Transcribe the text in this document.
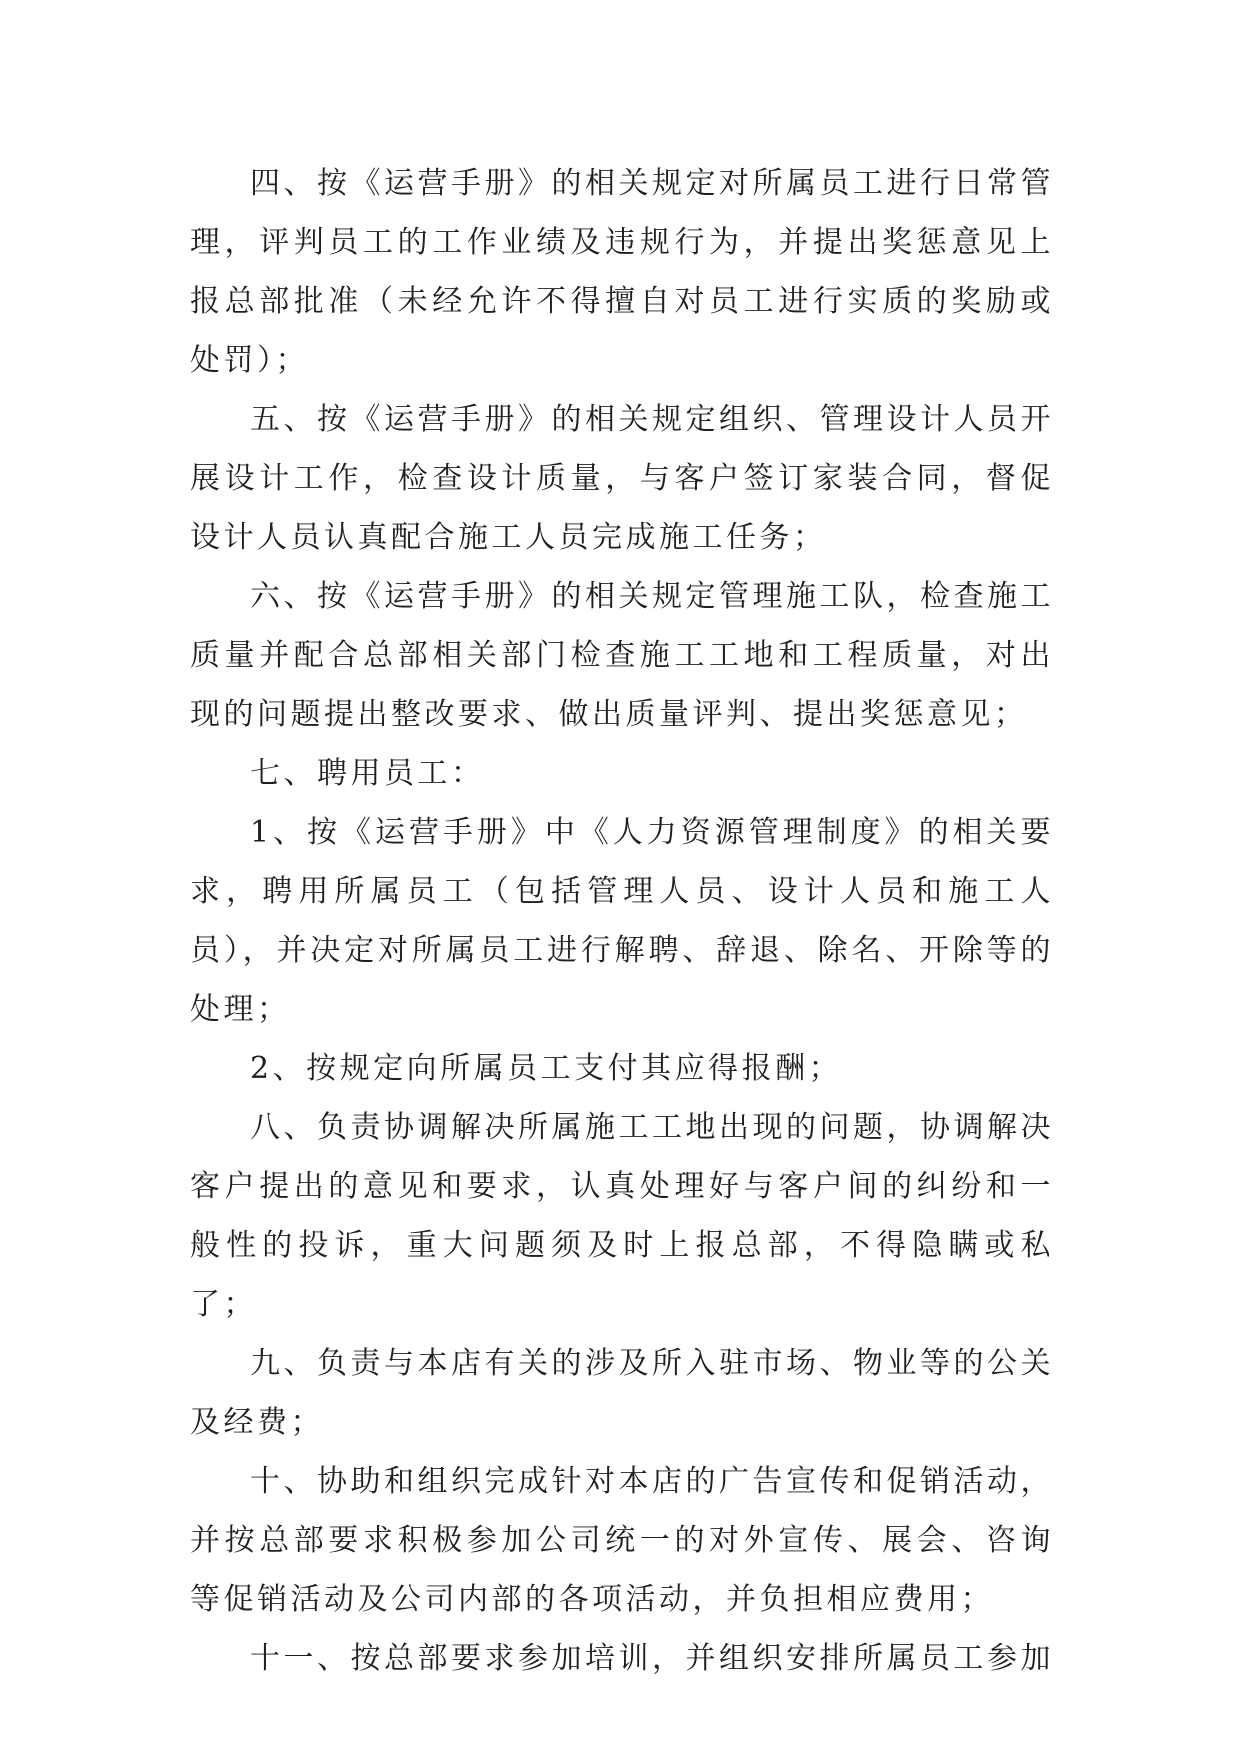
四、按《运营手册》的相关规定对所属员工进行日常管理，评判员工的工作业绩及违规行为，并提出奖惩意见上报总部批准（未经允许不得擅自对员工进行实质的奖励或处罚）；

五、按《运营手册》的相关规定组织、管理设计人员开展设计工作，检查设计质量，与客户签订家装合同，督促设计人员认真配合施工人员完成施工任务；

六、按《运营手册》的相关规定管理施工队，检查施工质量并配合总部相关部门检查施工工地和工程质量，对出现的问题提出整改要求、做出质量评判、提出奖惩意见；

七、聘用员工：

1、按《运营手册》中《人力资源管理制度》的相关要求，聘用所属员工（包括管理人员、设计人员和施工人员），并决定对所属员工进行解聘、辞退、除名、开除等的处理；

2、按规定向所属员工支付其应得报酬；

八、负责协调解决所属施工工地出现的问题，协调解决客户提出的意见和要求，认真处理好与客户间的纠纷和一般性的投诉，重大问题须及时上报总部，不得隐瞒或私了；

九、负责与本店有关的涉及所入驻市场、物业等的公关及经费；

十、协助和组织完成针对本店的广告宣传和促销活动，并按总部要求积极参加公司统一的对外宣传、展会、咨询等促销活动及公司内部的各项活动，并负担相应费用；

十一、按总部要求参加培训，并组织安排所属员工参加
